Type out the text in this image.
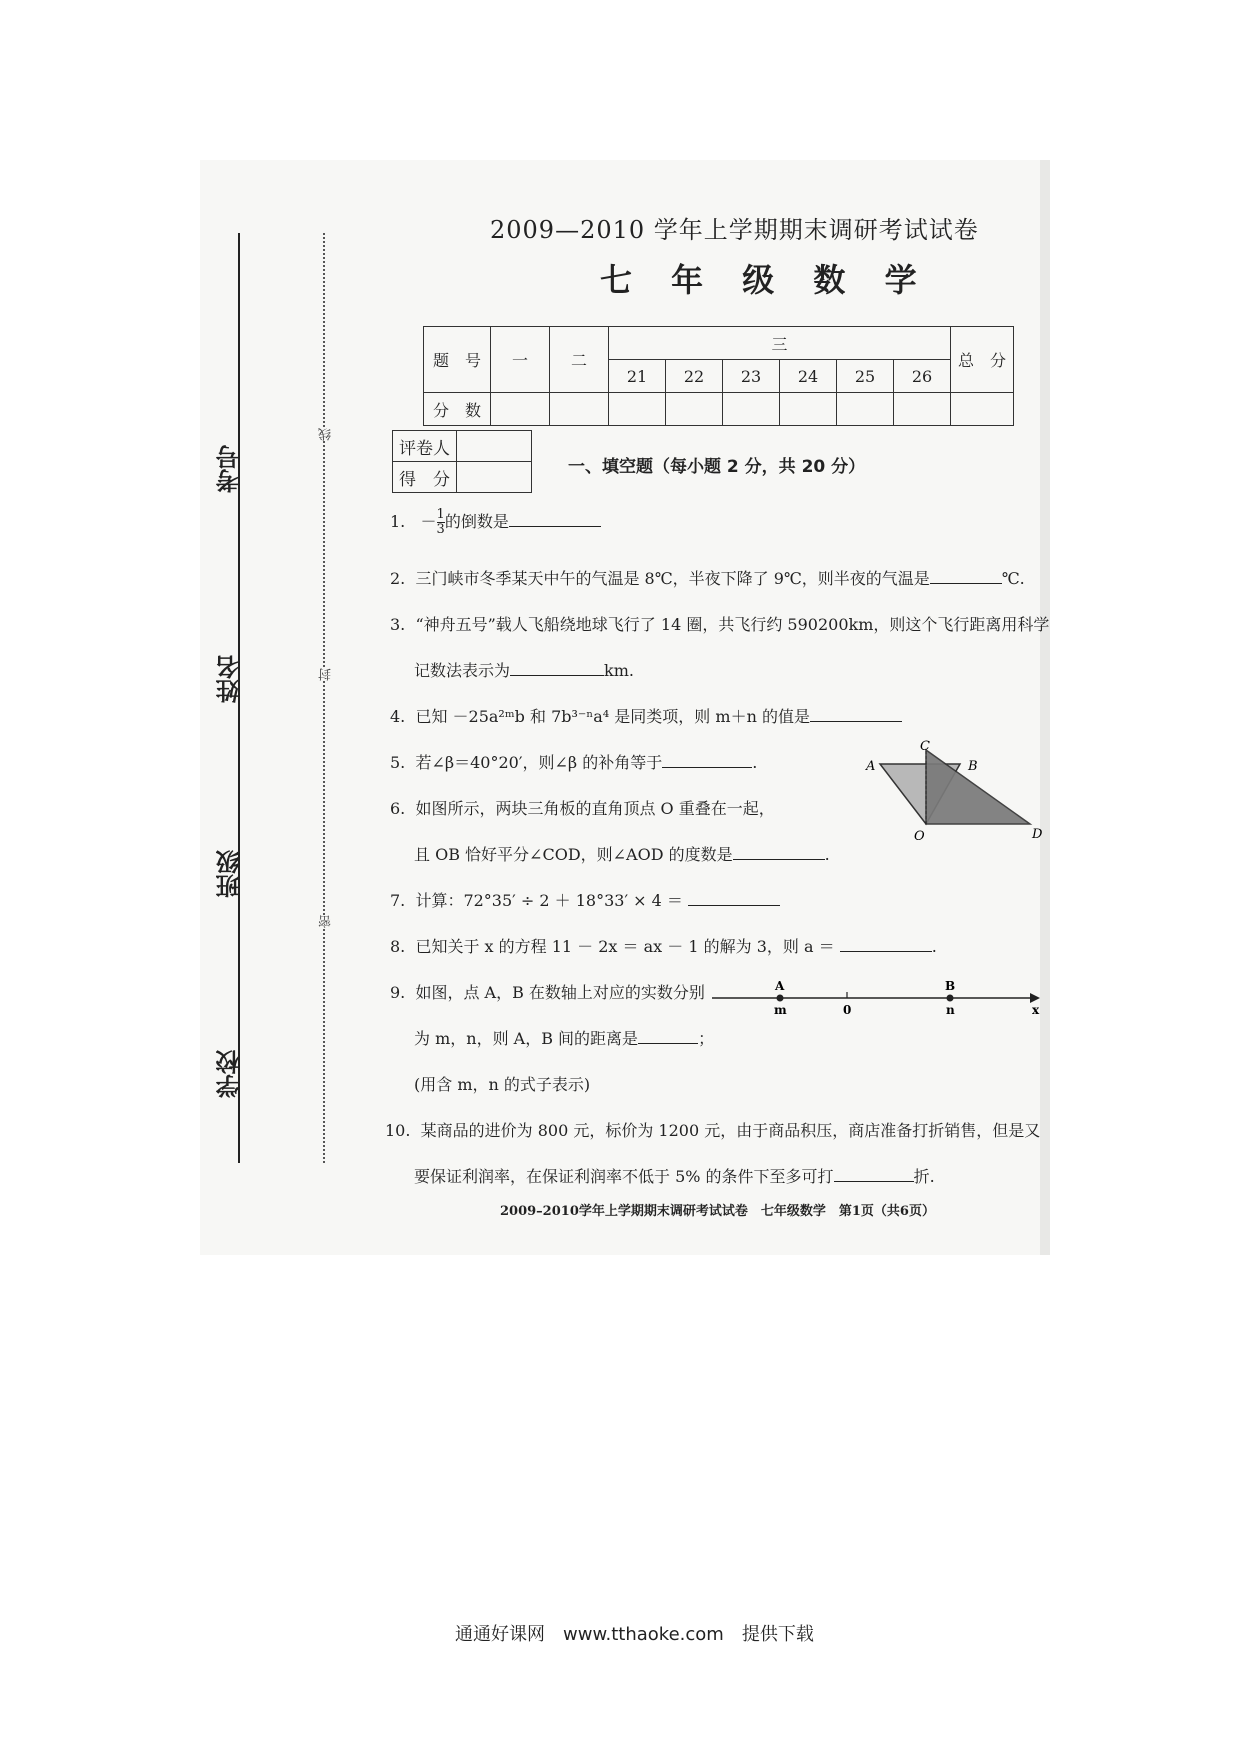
考号
姓名
班级
学校
线
封
密
2009—2010 学年上学期期末调研考试试卷
七 年 级 数 学
题　号	一	二	三						总　分
			21	22	23	24	25	26	
分　数									
评卷人	
得　分	
一、填空题（每小题 2 分，共 20 分）
1. － $\frac{1}{3}$ 的倒数是
2. 三门峡市冬季某天中午的气温是 8℃，半夜下降了 9℃，则半夜的气温是	℃.
3. “神舟五号”载人飞船绕地球飞行了 14 圈，共飞行约 590200km，则这个飞行距离用科学
记数法表示为	km.
4. 已知 －25a²ᵐb 和 7b³⁻ⁿa⁴ 是同类项，则 m＋n 的值是
5. 若∠β＝40°20′，则∠β 的补角等于	.
6. 如图所示，两块三角板的直角顶点 O 重叠在一起，
且 OB 恰好平分∠COD，则∠AOD 的度数是	.
A
C
B
O	D
7. 计算：72°35′ ÷ 2 ＋ 18°33′ × 4 ＝
8. 已知关于 x 的方程 11 － 2x ＝ ax － 1 的解为 3，则 a ＝	.
9. 如图，点 A，B 在数轴上对应的实数分别
为 m，n，则 A，B 间的距离是	；
(用含 m，n 的式子表示)
A	B
m	0	n	x
10. 某商品的进价为 800 元，标价为 1200 元，由于商品积压，商店准备打折销售，但是又
要保证利润率，在保证利润率不低于 5% 的条件下至多可打	折.
2009–2010学年上学期期末调研考试试卷　七年级数学　第1页（共6页）
通通好课网　www.tthaoke.com　提供下载
